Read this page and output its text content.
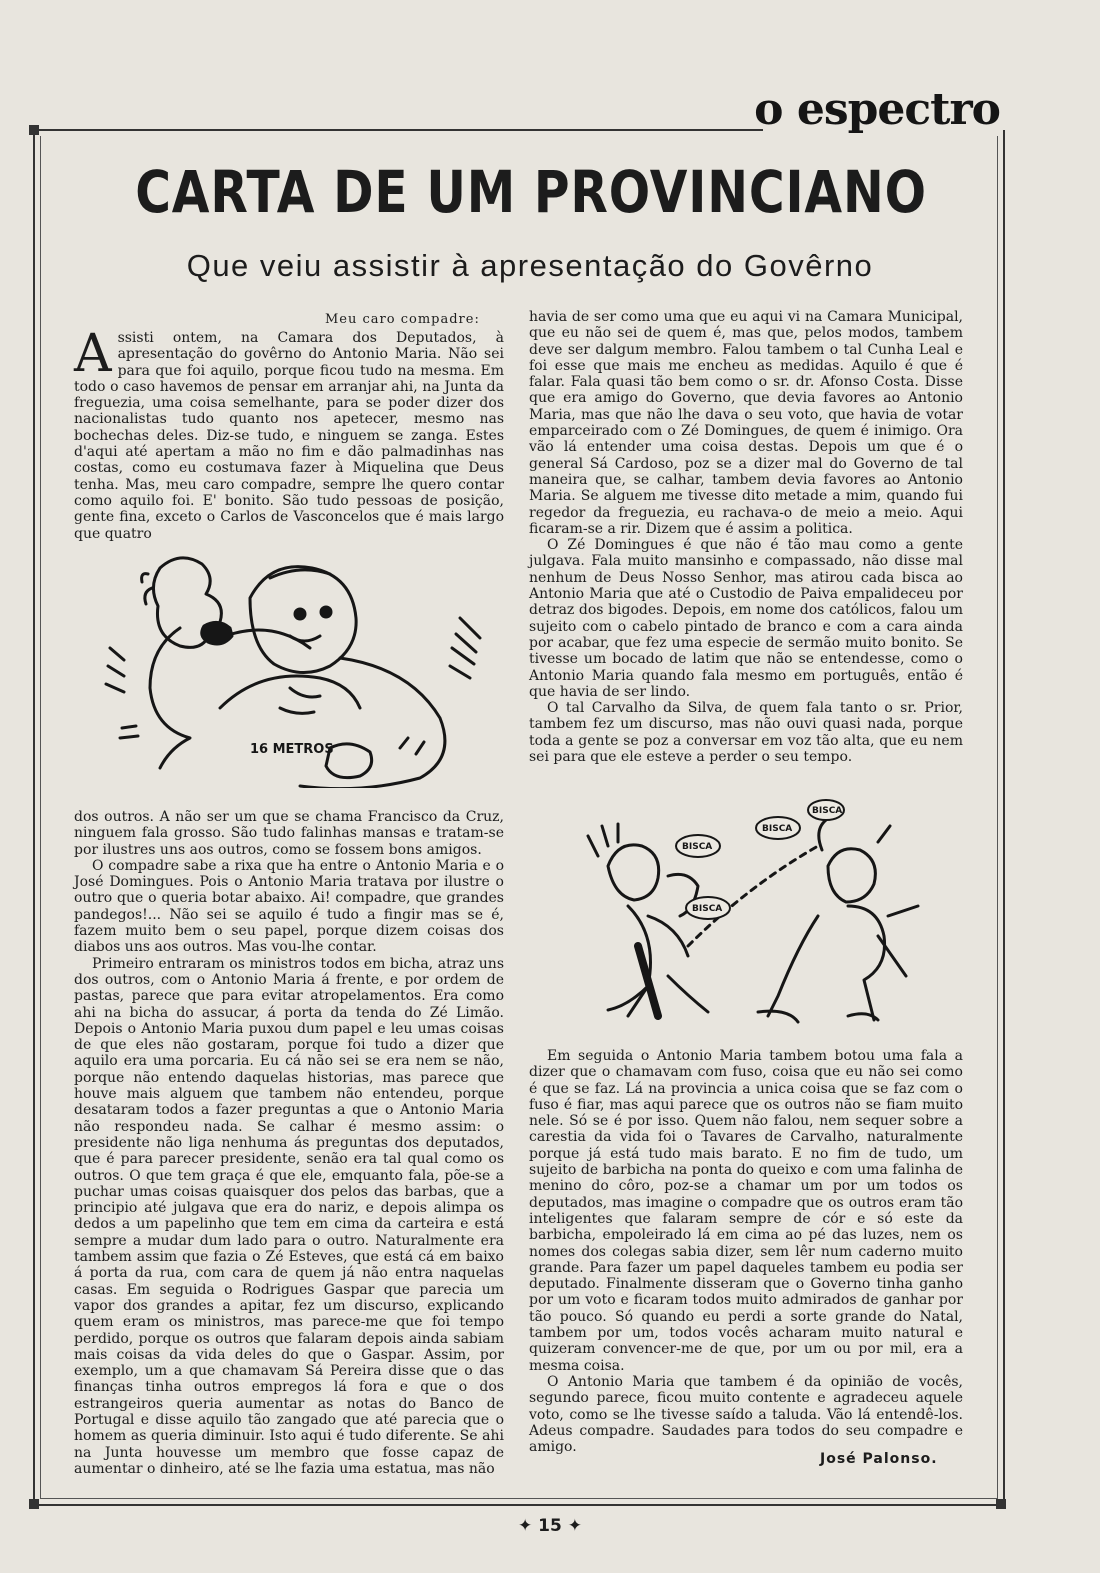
o espectro
CARTA DE UM PROVINCIANO
Que veiu assistir à apresentação do Govêrno
Meu caro compadre:

Assisti ontem, na Camara dos Deputados, à apresentação do govêrno do Antonio Maria. Não sei para que foi aquilo, porque ficou tudo na mesma. Em todo o caso havemos de pensar em arranjar ahi, na Junta da freguezia, uma coisa semelhante, para se poder dizer dos nacionalistas tudo quanto nos apetecer, mesmo nas bochechas deles. Diz-se tudo, e ninguem se zanga. Estes d'aqui até apertam a mão no fim e dão palmadinhas nas costas, como eu costumava fazer à Miquelina que Deus tenha. Mas, meu caro compadre, sempre lhe quero contar como aquilo foi. E' bonito. São tudo pessoas de posição, gente fina, exceto o Carlos de Vasconcelos que é mais largo que quatro

16 METROS

dos outros. A não ser um que se chama Francisco da Cruz, ninguem fala grosso. São tudo falinhas mansas e tratam-se por ilustres uns aos outros, como se fossem bons amigos.

O compadre sabe a rixa que ha entre o Antonio Maria e o José Domingues. Pois o Antonio Maria tratava por ilustre o outro que o queria botar abaixo. Ai! compadre, que grandes pandegos!... Não sei se aquilo é tudo a fingir mas se é, fazem muito bem o seu papel, porque dizem coisas dos diabos uns aos outros. Mas vou-lhe contar.

Primeiro entraram os ministros todos em bicha, atraz uns dos outros, com o Antonio Maria á frente, e por ordem de pastas, parece que para evitar atropelamentos. Era como ahi na bicha do assucar, á porta da tenda do Zé Limão. Depois o Antonio Maria puxou dum papel e leu umas coisas de que eles não gostaram, porque foi tudo a dizer que aquilo era uma porcaria. Eu cá não sei se era nem se não, porque não entendo daquelas historias, mas parece que houve mais alguem que tambem não entendeu, porque desataram todos a fazer preguntas a que o Antonio Maria não respondeu nada. Se calhar é mesmo assim: o presidente não liga nenhuma ás preguntas dos deputados, que é para parecer presidente, senão era tal qual como os outros. O que tem graça é que ele, emquanto fala, põe-se a puchar umas coisas quaisquer dos pelos das barbas, que a principio até julgava que era do nariz, e depois alimpa os dedos a um papelinho que tem em cima da carteira e está sempre a mudar dum lado para o outro. Naturalmente era tambem assim que fazia o Zé Esteves, que está cá em baixo á porta da rua, com cara de quem já não entra naquelas casas. Em seguida o Rodrigues Gaspar que parecia um vapor dos grandes a apitar, fez um discurso, explicando quem eram os ministros, mas parece-me que foi tempo perdido, porque os outros que falaram depois ainda sabiam mais coisas da vida deles do que o Gaspar. Assim, por exemplo, um a que chamavam Sá Pereira disse que o das finanças tinha outros empregos lá fora e que o dos estrangeiros queria aumentar as notas do Banco de Portugal e disse aquilo tão zangado que até parecia que o homem as queria diminuir. Isto aqui é tudo diferente. Se ahi na Junta houvesse um membro que fosse capaz de aumentar o dinheiro, até se lhe fazia uma estatua, mas não

havia de ser como uma que eu aqui vi na Camara Municipal, que eu não sei de quem é, mas que, pelos modos, tambem deve ser dalgum membro. Falou tambem o tal Cunha Leal e foi esse que mais me encheu as medidas. Aquilo é que é falar. Fala quasi tão bem como o sr. dr. Afonso Costa. Disse que era amigo do Governo, que devia favores ao Antonio Maria, mas que não lhe dava o seu voto, que havia de votar emparceirado com o Zé Domingues, de quem é inimigo. Ora vão lá entender uma coisa destas. Depois um que é o general Sá Cardoso, poz se a dizer mal do Governo de tal maneira que, se calhar, tambem devia favores ao Antonio Maria. Se alguem me tivesse dito metade a mim, quando fui regedor da freguezia, eu rachava-o de meio a meio. Aqui ficaram-se a rir. Dizem que é assim a politica.

O Zé Domingues é que não é tão mau como a gente julgava. Fala muito mansinho e compassado, não disse mal nenhum de Deus Nosso Senhor, mas atirou cada bisca ao Antonio Maria que até o Custodio de Paiva empalideceu por detraz dos bigodes. Depois, em nome dos católicos, falou um sujeito com o cabelo pintado de branco e com a cara ainda por acabar, que fez uma especie de sermão muito bonito. Se tivesse um bocado de latim que não se entendesse, como o Antonio Maria quando fala mesmo em português, então é que havia de ser lindo.

O tal Carvalho da Silva, de quem fala tanto o sr. Prior, tambem fez um discurso, mas não ouvi quasi nada, porque toda a gente se poz a conversar em voz tão alta, que eu nem sei para que ele esteve a perder o seu tempo.

BISCA
BISCA
BISCA
BISCA

Em seguida o Antonio Maria tambem botou uma fala a dizer que o chamavam com fuso, coisa que eu não sei como é que se faz. Lá na provincia a unica coisa que se faz com o fuso é fiar, mas aqui parece que os outros não se fiam muito nele. Só se é por isso. Quem não falou, nem sequer sobre a carestia da vida foi o Tavares de Carvalho, naturalmente porque já está tudo mais barato. E no fim de tudo, um sujeito de barbicha na ponta do queixo e com uma falinha de menino do côro, poz-se a chamar um por um todos os deputados, mas imagine o compadre que os outros eram tão inteligentes que falaram sempre de cór e só este da barbicha, empoleirado lá em cima ao pé das luzes, nem os nomes dos colegas sabia dizer, sem lêr num caderno muito grande. Para fazer um papel daqueles tambem eu podia ser deputado. Finalmente disseram que o Governo tinha ganho por um voto e ficaram todos muito admirados de ganhar por tão pouco. Só quando eu perdi a sorte grande do Natal, tambem por um, todos vocês acharam muito natural e quizeram convencer-me de que, por um ou por mil, era a mesma coisa.

O Antonio Maria que tambem é da opinião de vocês, segundo parece, ficou muito contente e agradeceu aquele voto, como se lhe tivesse saído a taluda. Vão lá entendê-los. Adeus compadre. Saudades para todos do seu compadre e amigo.

José Palonso.
✦ 15 ✦
